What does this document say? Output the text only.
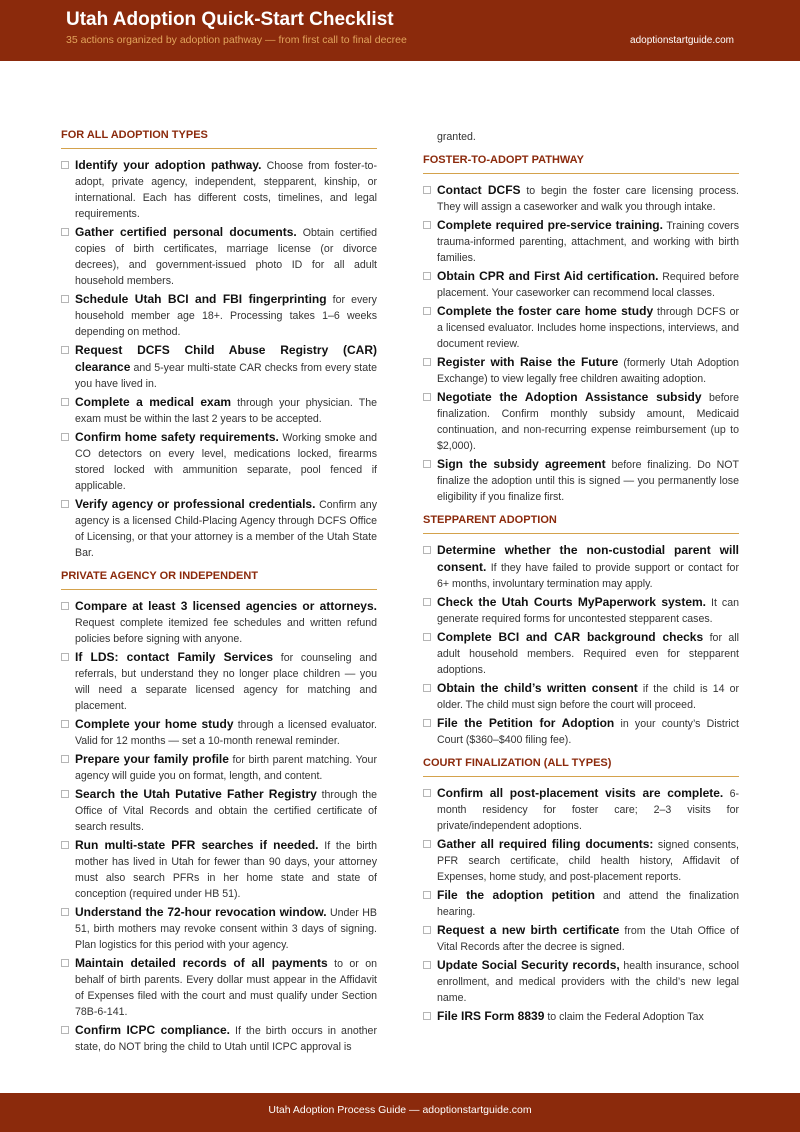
Utah Adoption Quick-Start Checklist
35 actions organized by adoption pathway — from first call to final decree	adoptionstartguide.com
FOR ALL ADOPTION TYPES
Identify your adoption pathway. Choose from foster-to-adopt, private agency, independent, stepparent, kinship, or international. Each has different costs, timelines, and legal requirements.
Gather certified personal documents. Obtain certified copies of birth certificates, marriage license (or divorce decrees), and government-issued photo ID for all adult household members.
Schedule Utah BCI and FBI fingerprinting for every household member age 18+. Processing takes 1–6 weeks depending on method.
Request DCFS Child Abuse Registry (CAR) clearance and 5-year multi-state CAR checks from every state you have lived in.
Complete a medical exam through your physician. The exam must be within the last 2 years to be accepted.
Confirm home safety requirements. Working smoke and CO detectors on every level, medications locked, firearms stored locked with ammunition separate, pool fenced if applicable.
Verify agency or professional credentials. Confirm any agency is a licensed Child-Placing Agency through DCFS Office of Licensing, or that your attorney is a member of the Utah State Bar.
PRIVATE AGENCY OR INDEPENDENT
Compare at least 3 licensed agencies or attorneys. Request complete itemized fee schedules and written refund policies before signing with anyone.
If LDS: contact Family Services for counseling and referrals, but understand they no longer place children — you will need a separate licensed agency for matching and placement.
Complete your home study through a licensed evaluator. Valid for 12 months — set a 10-month renewal reminder.
Prepare your family profile for birth parent matching. Your agency will guide you on format, length, and content.
Search the Utah Putative Father Registry through the Office of Vital Records and obtain the certified certificate of search results.
Run multi-state PFR searches if needed. If the birth mother has lived in Utah for fewer than 90 days, your attorney must also search PFRs in her home state and state of conception (required under HB 51).
Understand the 72-hour revocation window. Under HB 51, birth mothers may revoke consent within 3 days of signing. Plan logistics for this period with your agency.
Maintain detailed records of all payments to or on behalf of birth parents. Every dollar must appear in the Affidavit of Expenses filed with the court and must qualify under Section 78B-6-141.
Confirm ICPC compliance. If the birth occurs in another state, do NOT bring the child to Utah until ICPC approval is
granted.
FOSTER-TO-ADOPT PATHWAY
Contact DCFS to begin the foster care licensing process. They will assign a caseworker and walk you through intake.
Complete required pre-service training. Training covers trauma-informed parenting, attachment, and working with birth families.
Obtain CPR and First Aid certification. Required before placement. Your caseworker can recommend local classes.
Complete the foster care home study through DCFS or a licensed evaluator. Includes home inspections, interviews, and document review.
Register with Raise the Future (formerly Utah Adoption Exchange) to view legally free children awaiting adoption.
Negotiate the Adoption Assistance subsidy before finalization. Confirm monthly subsidy amount, Medicaid continuation, and non-recurring expense reimbursement (up to $2,000).
Sign the subsidy agreement before finalizing. Do NOT finalize the adoption until this is signed — you permanently lose eligibility if you finalize first.
STEPPARENT ADOPTION
Determine whether the non-custodial parent will consent. If they have failed to provide support or contact for 6+ months, involuntary termination may apply.
Check the Utah Courts MyPaperwork system. It can generate required forms for uncontested stepparent cases.
Complete BCI and CAR background checks for all adult household members. Required even for stepparent adoptions.
Obtain the child’s written consent if the child is 14 or older. The child must sign before the court will proceed.
File the Petition for Adoption in your county’s District Court ($360–$400 filing fee).
COURT FINALIZATION (ALL TYPES)
Confirm all post-placement visits are complete. 6-month residency for foster care; 2–3 visits for private/independent adoptions.
Gather all required filing documents: signed consents, PFR search certificate, child health history, Affidavit of Expenses, home study, and post-placement reports.
File the adoption petition and attend the finalization hearing.
Request a new birth certificate from the Utah Office of Vital Records after the decree is signed.
Update Social Security records, health insurance, school enrollment, and medical providers with the child’s new legal name.
File IRS Form 8839 to claim the Federal Adoption Tax
Utah Adoption Process Guide — adoptionstartguide.com
